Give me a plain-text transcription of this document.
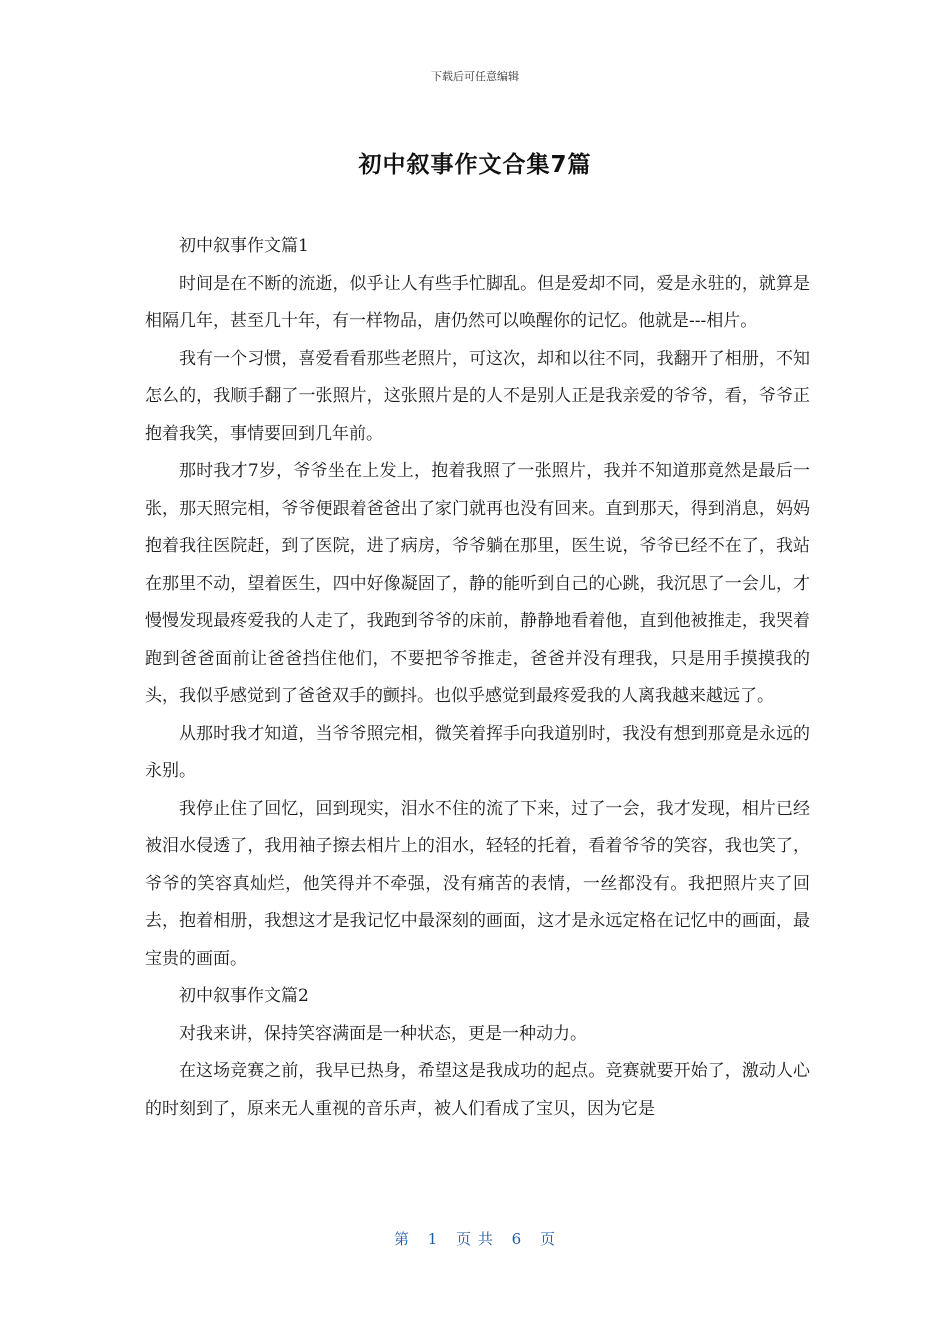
下载后可任意编辑
初中叙事作文合集7篇

初中叙事作文篇1

时间是在不断的流逝，似乎让人有些手忙脚乱。但是爱却不同，爱是永驻的，就算是相隔几年，甚至几十年，有一样物品，唐仍然可以唤醒你的记忆。他就是---相片。

我有一个习惯，喜爱看看那些老照片，可这次，却和以往不同，我翻开了相册，不知怎么的，我顺手翻了一张照片，这张照片是的人不是别人正是我亲爱的爷爷，看，爷爷正抱着我笑，事情要回到几年前。

那时我才7岁，爷爷坐在上发上，抱着我照了一张照片，我并不知道那竟然是最后一张，那天照完相，爷爷便跟着爸爸出了家门就再也没有回来。直到那天，得到消息，妈妈抱着我往医院赶，到了医院，进了病房，爷爷躺在那里，医生说，爷爷已经不在了，我站在那里不动，望着医生，四中好像凝固了，静的能听到自己的心跳，我沉思了一会儿，才慢慢发现最疼爱我的人走了，我跑到爷爷的床前，静静地看着他，直到他被推走，我哭着跑到爸爸面前让爸爸挡住他们，不要把爷爷推走，爸爸并没有理我，只是用手摸摸我的头，我似乎感觉到了爸爸双手的颤抖。也似乎感觉到最疼爱我的人离我越来越远了。

从那时我才知道，当爷爷照完相，微笑着挥手向我道别时，我没有想到那竟是永远的永别。

我停止住了回忆，回到现实，泪水不住的流了下来，过了一会，我才发现，相片已经被泪水侵透了，我用袖子擦去相片上的泪水，轻轻的托着，看着爷爷的笑容，我也笑了，爷爷的笑容真灿烂，他笑得并不牵强，没有痛苦的表情，一丝都没有。我把照片夹了回去，抱着相册，我想这才是我记忆中最深刻的画面，这才是永远定格在记忆中的画面，最宝贵的画面。

初中叙事作文篇2

对我来讲，保持笑容满面是一种状态，更是一种动力。

在这场竞赛之前，我早已热身，希望这是我成功的起点。竞赛就要开始了，激动人心的时刻到了，原来无人重视的音乐声，被人们看成了宝贝，因为它是

第 1 页 共 6 页
